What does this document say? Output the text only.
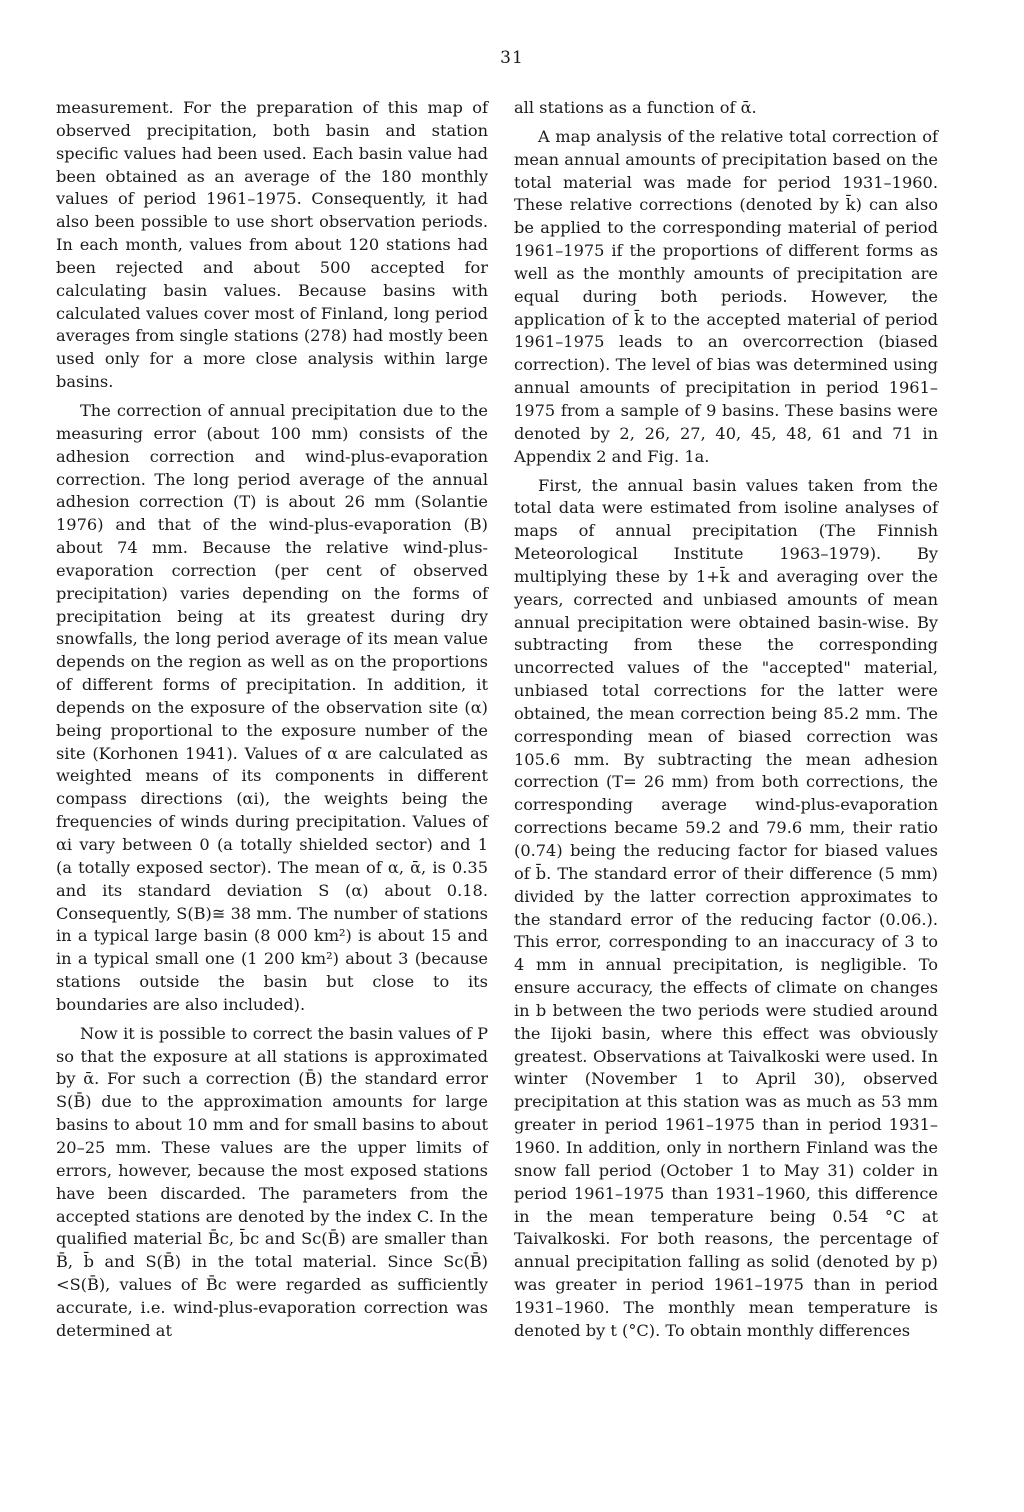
31

measurement. For the preparation of this map of observed precipitation, both basin and station specific values had been used. Each basin value had been obtained as an average of the 180 monthly values of period 1961–1975. Consequently, it had also been possible to use short observation periods. In each month, values from about 120 stations had been rejected and about 500 accepted for calculating basin values. Because basins with calculated values cover most of Finland, long period averages from single stations (278) had mostly been used only for a more close analysis within large basins.

The correction of annual precipitation due to the measuring error (about 100 mm) consists of the adhesion correction and wind-plus-evaporation correction. The long period average of the annual adhesion correction (T) is about 26 mm (Solantie 1976) and that of the wind-plus-evaporation (B) about 74 mm. Because the relative wind-plus-evaporation correction (per cent of observed precipitation) varies depending on the forms of precipitation being at its greatest during dry snowfalls, the long period average of its mean value depends on the region as well as on the proportions of different forms of precipitation. In addition, it depends on the exposure of the observation site (α) being proportional to the exposure number of the site (Korhonen 1941). Values of α are calculated as weighted means of its components in different compass directions (αi), the weights being the frequencies of winds during precipitation. Values of αi vary between 0 (a totally shielded sector) and 1 (a totally exposed sector). The mean of α, ᾱ, is 0.35 and its standard deviation S (α) about 0.18. Consequently, S(B)≅ 38 mm. The number of stations in a typical large basin (8 000 km²) is about 15 and in a typical small one (1 200 km²) about 3 (because stations outside the basin but close to its boundaries are also included).

Now it is possible to correct the basin values of P so that the exposure at all stations is approximated by ᾱ. For such a correction (B̄) the standard error S(B̄) due to the approximation amounts for large basins to about 10 mm and for small basins to about 20–25 mm. These values are the upper limits of errors, however, because the most exposed stations have been discarded. The parameters from the accepted stations are denoted by the index C. In the qualified material B̄c, b̄c and Sc(B̄) are smaller than B̄, b̄ and S(B̄) in the total material. Since Sc(B̄)<S(B̄), values of B̄c were regarded as sufficiently accurate, i.e. wind-plus-evaporation correction was determined at

all stations as a function of ᾱ.

A map analysis of the relative total correction of mean annual amounts of precipitation based on the total material was made for period 1931–1960. These relative corrections (denoted by k̄) can also be applied to the corresponding material of period 1961–1975 if the proportions of different forms as well as the monthly amounts of precipitation are equal during both periods. However, the application of k̄ to the accepted material of period 1961–1975 leads to an overcorrection (biased correction). The level of bias was determined using annual amounts of precipitation in period 1961–1975 from a sample of 9 basins. These basins were denoted by 2, 26, 27, 40, 45, 48, 61 and 71 in Appendix 2 and Fig. 1a.

First, the annual basin values taken from the total data were estimated from isoline analyses of maps of annual precipitation (The Finnish Meteorological Institute 1963–1979). By multiplying these by 1+k̄ and averaging over the years, corrected and unbiased amounts of mean annual precipitation were obtained basin-wise. By subtracting from these the corresponding uncorrected values of the "accepted" material, unbiased total corrections for the latter were obtained, the mean correction being 85.2 mm. The corresponding mean of biased correction was 105.6 mm. By subtracting the mean adhesion correction (T= 26 mm) from both corrections, the corresponding average wind-plus-evaporation corrections became 59.2 and 79.6 mm, their ratio (0.74) being the reducing factor for biased values of b̄. The standard error of their difference (5 mm) divided by the latter correction approximates to the standard error of the reducing factor (0.06.). This error, corresponding to an inaccuracy of 3 to 4 mm in annual precipitation, is negligible. To ensure accuracy, the effects of climate on changes in b between the two periods were studied around the Iijoki basin, where this effect was obviously greatest. Observations at Taivalkoski were used. In winter (November 1 to April 30), observed precipitation at this station was as much as 53 mm greater in period 1961–1975 than in period 1931–1960. In addition, only in northern Finland was the snow fall period (October 1 to May 31) colder in period 1961–1975 than 1931–1960, this difference in the mean temperature being 0.54 °C at Taivalkoski. For both reasons, the percentage of annual precipitation falling as solid (denoted by p) was greater in period 1961–1975 than in period 1931–1960. The monthly mean temperature is denoted by t (°C). To obtain monthly differences
